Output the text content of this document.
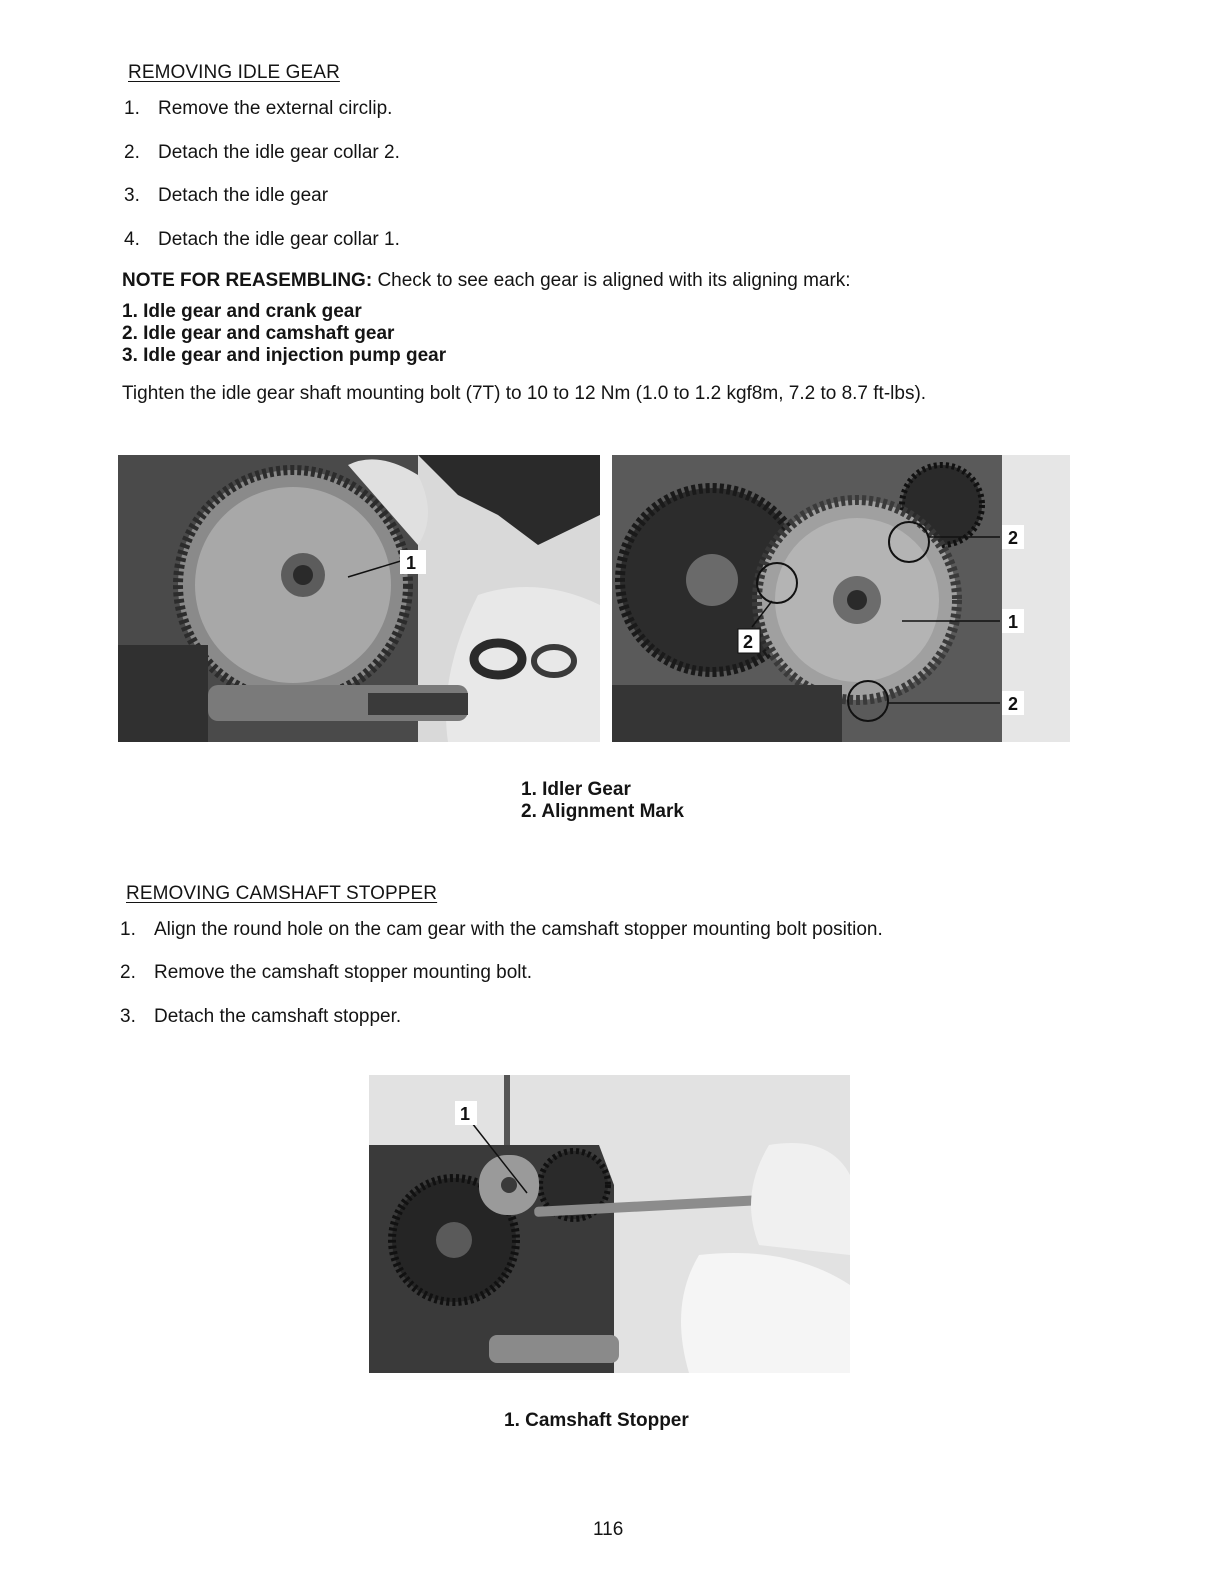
REMOVING IDLE GEAR
1. Remove the external circlip.
2. Detach the idle gear collar 2.
3. Detach the idle gear
4. Detach the idle gear collar 1.
NOTE FOR REASEMBLING: Check to see each gear is aligned with its aligning mark:
1. Idle gear and crank gear
2. Idle gear and camshaft gear
3. Idle gear and injection pump gear
Tighten the idle gear shaft mounting bolt (7T) to 10 to 12 Nm (1.0 to 1.2 kgf8m, 7.2 to 8.7 ft-lbs).
1
2
1
2
2
1. Idler Gear
2. Alignment Mark
REMOVING CAMSHAFT STOPPER
1. Align the round hole on the cam gear with the camshaft stopper mounting bolt position.
2. Remove the camshaft stopper mounting bolt.
3. Detach the camshaft stopper.
1
1. Camshaft Stopper
116
